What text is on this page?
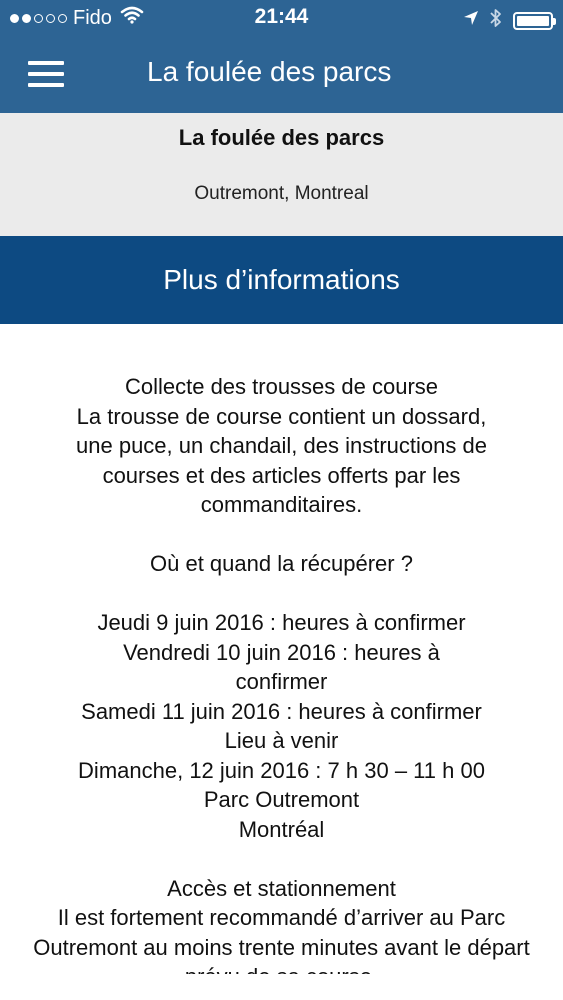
Fido	21:44
La foulée des parcs
La foulée des parcs
Outremont, Montreal
Plus d’informations

Collecte des trousses de course

La trousse de course contient un dossard, une puce, un chandail, des instructions de courses et des articles offerts par les commanditaires.

Où et quand la récupérer ?

Jeudi 9 juin 2016 : heures à confirmer

Vendredi 10 juin 2016 : heures à confirmer

Samedi 11 juin 2016 : heures à confirmer

Lieu à venir

Dimanche, 12 juin 2016 : 7 h 30 – 11 h 00

Parc Outremont

Montréal

Accès et stationnement

Il est fortement recommandé d’arriver au Parc Outremont au moins trente minutes avant le départ
